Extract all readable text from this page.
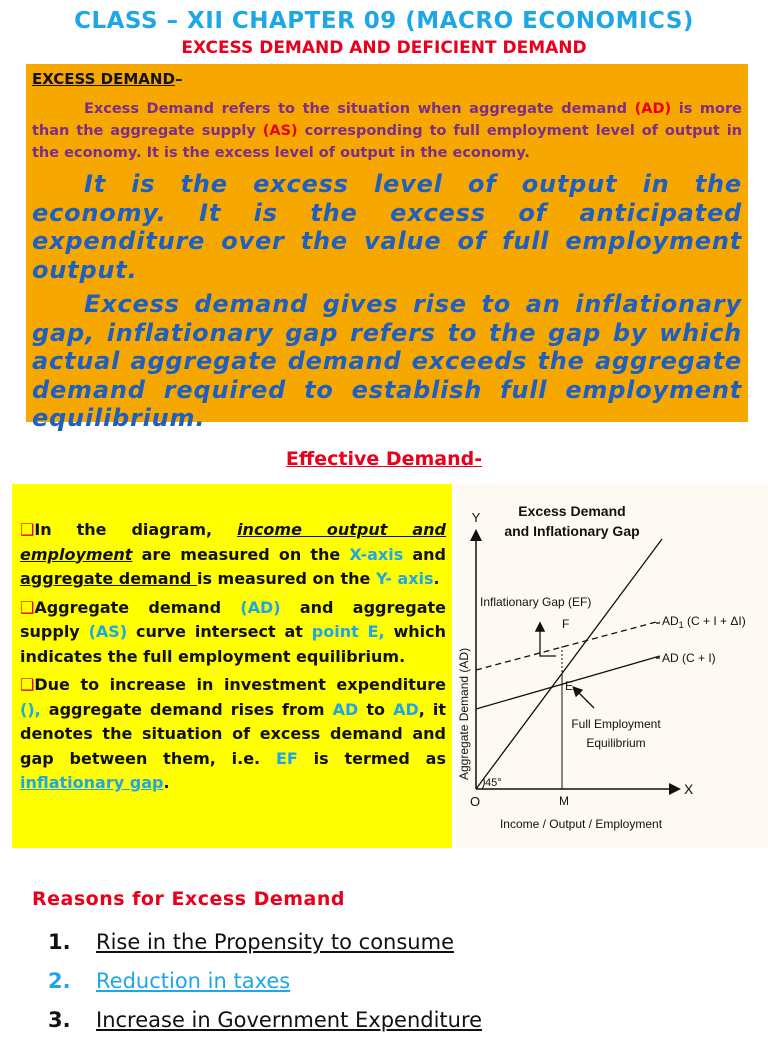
CLASS – XII CHAPTER 09 (MACRO ECONOMICS)
EXCESS DEMAND AND DEFICIENT DEMAND
EXCESS DEMAND–
Excess Demand refers to the situation when aggregate demand (AD) is more than the aggregate supply (AS) corresponding to full employment level of output in the economy. It is the excess level of output in the economy.
It is the excess level of output in the economy. It is the excess of anticipated expenditure over the value of full employment output.
Excess demand gives rise to an inflationary gap, inflationary gap refers to the gap by which actual aggregate demand exceeds the aggregate demand required to establish full employment equilibrium.
Effective Demand-

❑In the diagram, income output and employment are measured on the X-axis and aggregate demand is measured on the Y- axis.

❑Aggregate demand (AD) and aggregate supply (AS) curve intersect at point E, which indicates the full employment equilibrium.

❑Due to increase in investment expenditure (), aggregate demand rises from AD to AD, it denotes the situation of excess demand and gap between them, i.e. EF is termed as inflationary gap.

Excess Demand
and Inflationary Gap
Y
X
O	M
E
F
45°
Inflationary Gap (EF)
$AD_1$ (C + I + ΔI)
AD (C + I)
Full Employment
Equilibrium
Income / Output / Employment
Aggregate Demand (AD)
Reasons for Excess Demand
1. Rise in the Propensity to consume
2. Reduction in taxes
3. Increase in Government Expenditure
